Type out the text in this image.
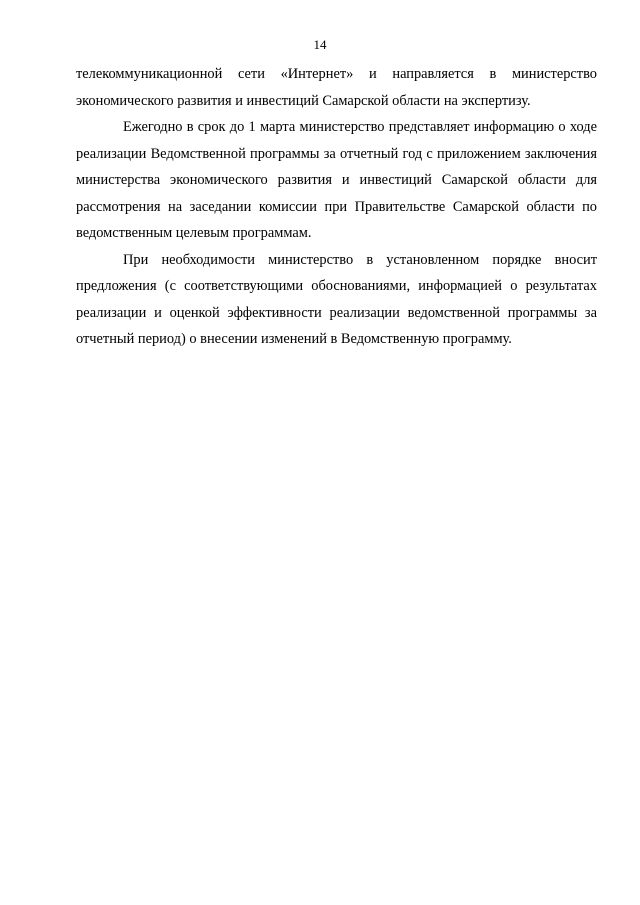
14

телекоммуникационной сети «Интернет» и направляется в министерство экономического развития и инвестиций Самарской области на экспертизу.

Ежегодно в срок до 1 марта министерство представляет информацию о ходе реализации Ведомственной программы за отчетный год с приложением заключения министерства экономического развития и инвестиций Самарской области для рассмотрения на заседании комиссии при Правительстве Самарской области по ведомственным целевым программам.

При необходимости министерство в установленном порядке вносит предложения (с соответствующими обоснованиями, информацией о результатах реализации и оценкой эффективности реализации ведомственной программы за отчетный период) о внесении изменений в Ведомственную программу.
